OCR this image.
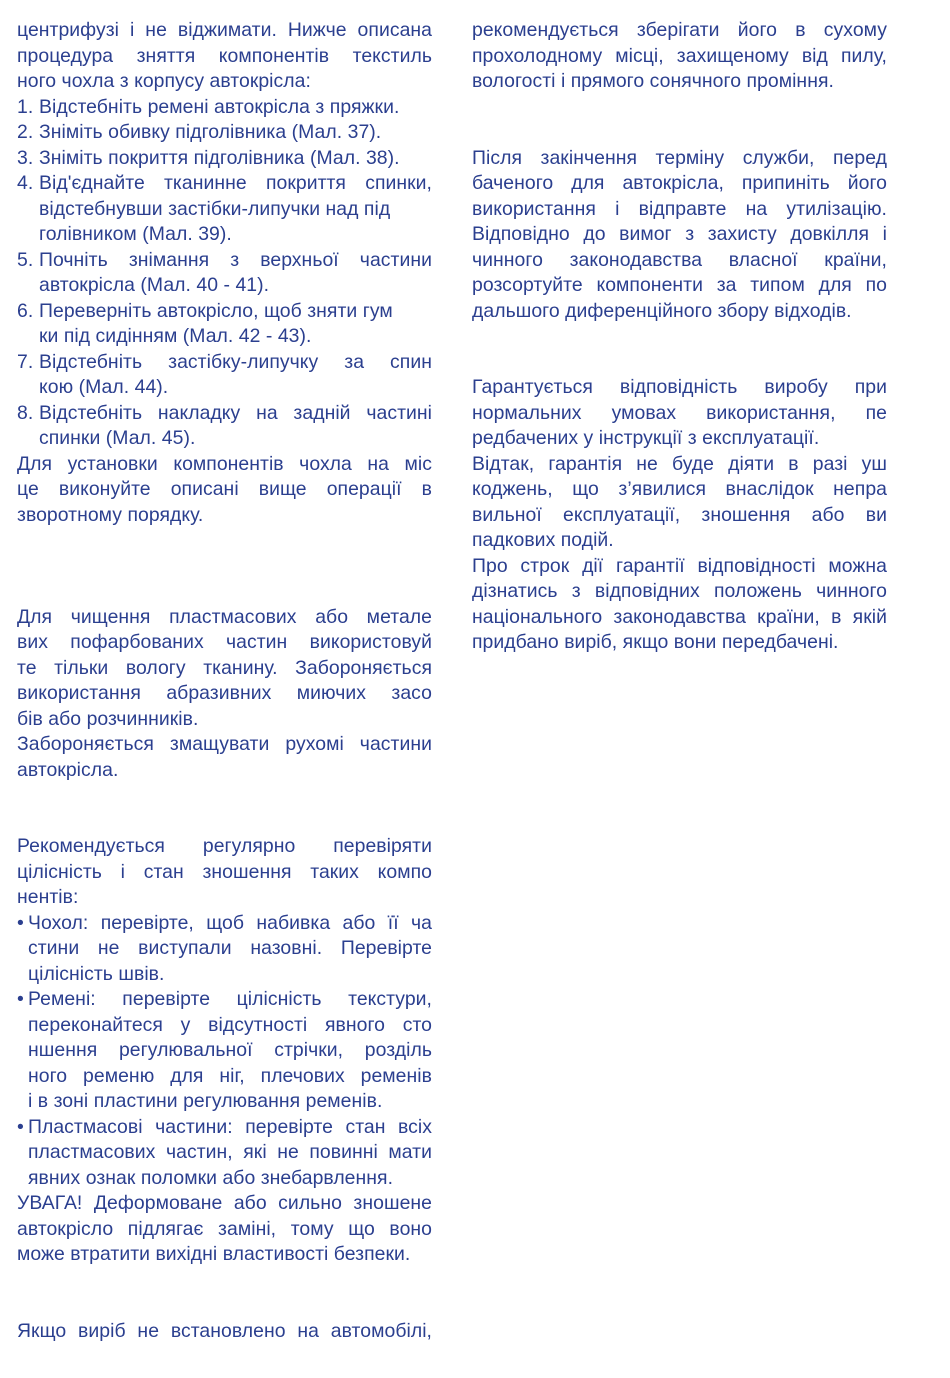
центрифузі і не віджимати. Нижче описана
процедура зняття компонентів текстиль
ного чохла з корпусу автокрісла:
1. Відстебніть ремені автокрісла з пряжки.
2. Зніміть обивку підголівника (Мал. 37).
3. Зніміть покриття підголівника (Мал. 38).
4. Від'єднайте тканинне покриття спинки,
відстебнувши застібки-липучки над під
голівником (Мал. 39).
5. Почніть знімання з верхньої частини
автокрісла (Мал. 40 - 41).
6. Переверніть автокрісло, щоб зняти гум
ки під сидінням (Мал. 42 - 43).
7. Відстебніть застібку-липучку за спин
кою (Мал. 44).
8. Відстебніть накладку на задній частині
спинки (Мал. 45).
Для установки компонентів чохла на міс
це виконуйте описані вище операції в
зворотному порядку.
Для чищення пластмасових або метале
вих пофарбованих частин використовуй
те тільки вологу тканину. Забороняється
використання абразивних миючих засо
бів або розчинників.
Забороняється змащувати рухомі частини
автокрісла.
Рекомендується регулярно перевіряти
цілісність і стан зношення таких компо
нентів:
• Чохол: перевірте, щоб набивка або її ча
стини не виступали назовні. Перевірте
цілісність швів.
• Ремені: перевірте цілісність текстури,
переконайтеся у відсутності явного сто
ншення регулювальної стрічки, розділь
ного ременю для ніг, плечових ременів
і в зоні пластини регулювання ременів.
• Пластмасові частини: перевірте стан всіх
пластмасових частин, які не повинні мати
явних ознак поломки або знебарвлення.
УВАГА! Деформоване або сильно зношене
автокрісло підлягає заміні, тому що воно
може втратити вихідні властивості безпеки.
Якщо виріб не встановлено на автомобілі,
рекомендується зберігати його в сухому
прохолодному місці, захищеному від пилу,
вологості і прямого сонячного проміння.
Після закінчення терміну служби, перед
баченого для автокрісла, припиніть його
використання і відправте на утилізацію.
Відповідно до вимог з захисту довкілля і
чинного законодавства власної країни,
розсортуйте компоненти за типом для по
дальшого диференційного збору відходів.
Гарантується відповідність виробу при
нормальних умовах використання, пе
редбачених у інструкції з експлуатації.
Відтак, гарантія не буде діяти в разі уш
коджень, що з’явилися внаслідок непра
вильної експлуатації, зношення або ви
падкових подій.
Про строк дії гарантії відповідності можна
дізнатись з відповідних положень чинного
національного законодавства країни, в якій
придбано виріб, якщо вони передбачені.
